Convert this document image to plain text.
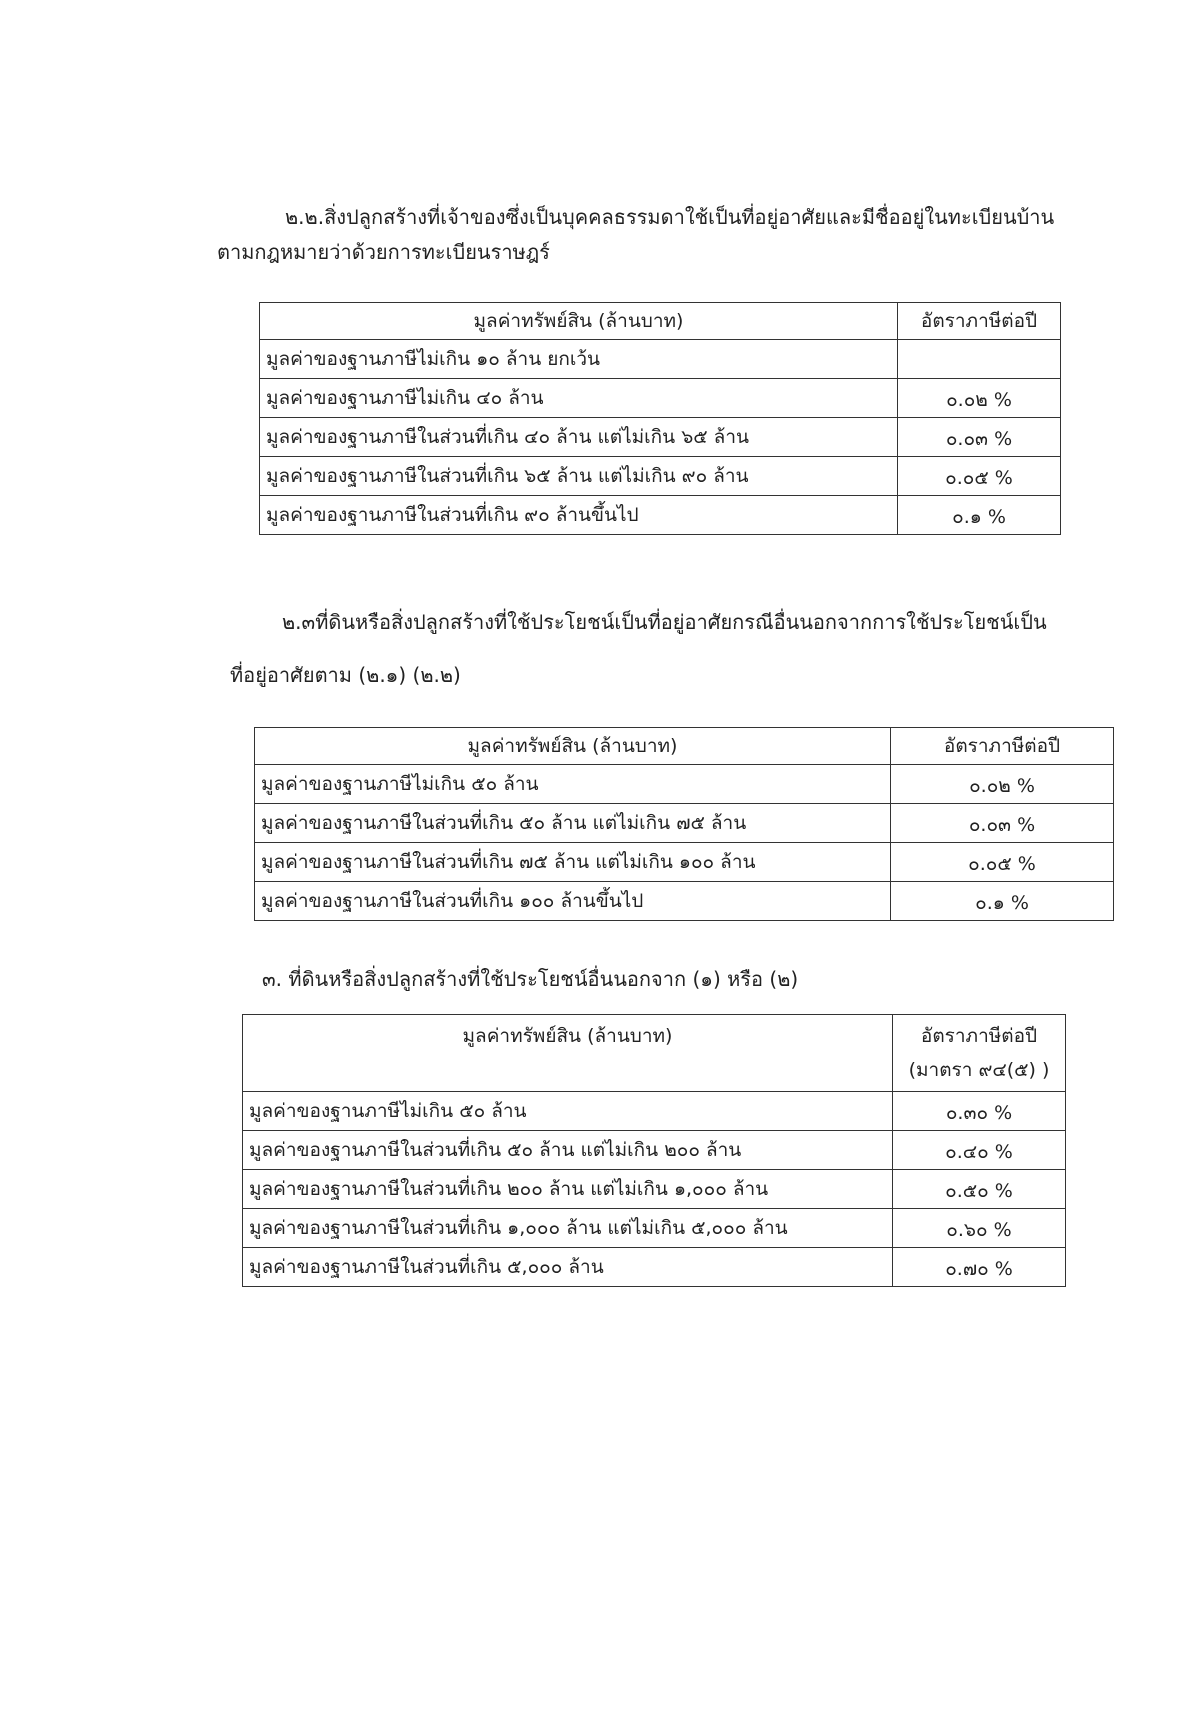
๒.๒.สิ่งปลูกสร้างที่เจ้าของซึ่งเป็นบุคคลธรรมดาใช้เป็นที่อยู่อาศัยและมีชื่ออยู่ในทะเบียนบ้าน

ตามกฎหมายว่าด้วยการทะเบียนราษฎร์

มูลค่าทรัพย์สิน (ล้านบาท)	อัตราภาษีต่อปี
มูลค่าของฐานภาษีไม่เกิน ๑๐ ล้าน ยกเว้น	
มูลค่าของฐานภาษีไม่เกิน ๔๐ ล้าน	๐.๐๒ %
มูลค่าของฐานภาษีในส่วนที่เกิน ๔๐ ล้าน แต่ไม่เกิน ๖๕ ล้าน	๐.๐๓ %
มูลค่าของฐานภาษีในส่วนที่เกิน ๖๕ ล้าน แต่ไม่เกิน ๙๐ ล้าน	๐.๐๕ %
มูลค่าของฐานภาษีในส่วนที่เกิน ๙๐ ล้านขึ้นไป	๐.๑ %

๒.๓ที่ดินหรือสิ่งปลูกสร้างที่ใช้ประโยชน์เป็นที่อยู่อาศัยกรณีอื่นนอกจากการใช้ประโยชน์เป็น

ที่อยู่อาศัยตาม (๒.๑) (๒.๒)

มูลค่าทรัพย์สิน (ล้านบาท)	อัตราภาษีต่อปี
มูลค่าของฐานภาษีไม่เกิน ๕๐ ล้าน	๐.๐๒ %
มูลค่าของฐานภาษีในส่วนที่เกิน ๕๐ ล้าน แต่ไม่เกิน ๗๕ ล้าน	๐.๐๓ %
มูลค่าของฐานภาษีในส่วนที่เกิน ๗๕ ล้าน แต่ไม่เกิน ๑๐๐ ล้าน	๐.๐๕ %
มูลค่าของฐานภาษีในส่วนที่เกิน ๑๐๐ ล้านขึ้นไป	๐.๑ %

๓. ที่ดินหรือสิ่งปลูกสร้างที่ใช้ประโยชน์อื่นนอกจาก (๑) หรือ (๒)

มูลค่าทรัพย์สิน (ล้านบาท)	อัตราภาษีต่อปี
(มาตรา ๙๔(๕) )

มูลค่าของฐานภาษีไม่เกิน ๕๐ ล้าน	๐.๓๐ %
มูลค่าของฐานภาษีในส่วนที่เกิน ๕๐ ล้าน แต่ไม่เกิน ๒๐๐ ล้าน	๐.๔๐ %
มูลค่าของฐานภาษีในส่วนที่เกิน ๒๐๐ ล้าน แต่ไม่เกิน ๑,๐๐๐ ล้าน	๐.๕๐ %
มูลค่าของฐานภาษีในส่วนที่เกิน ๑,๐๐๐ ล้าน แต่ไม่เกิน ๕,๐๐๐ ล้าน	๐.๖๐ %
มูลค่าของฐานภาษีในส่วนที่เกิน ๕,๐๐๐ ล้าน	๐.๗๐ %
